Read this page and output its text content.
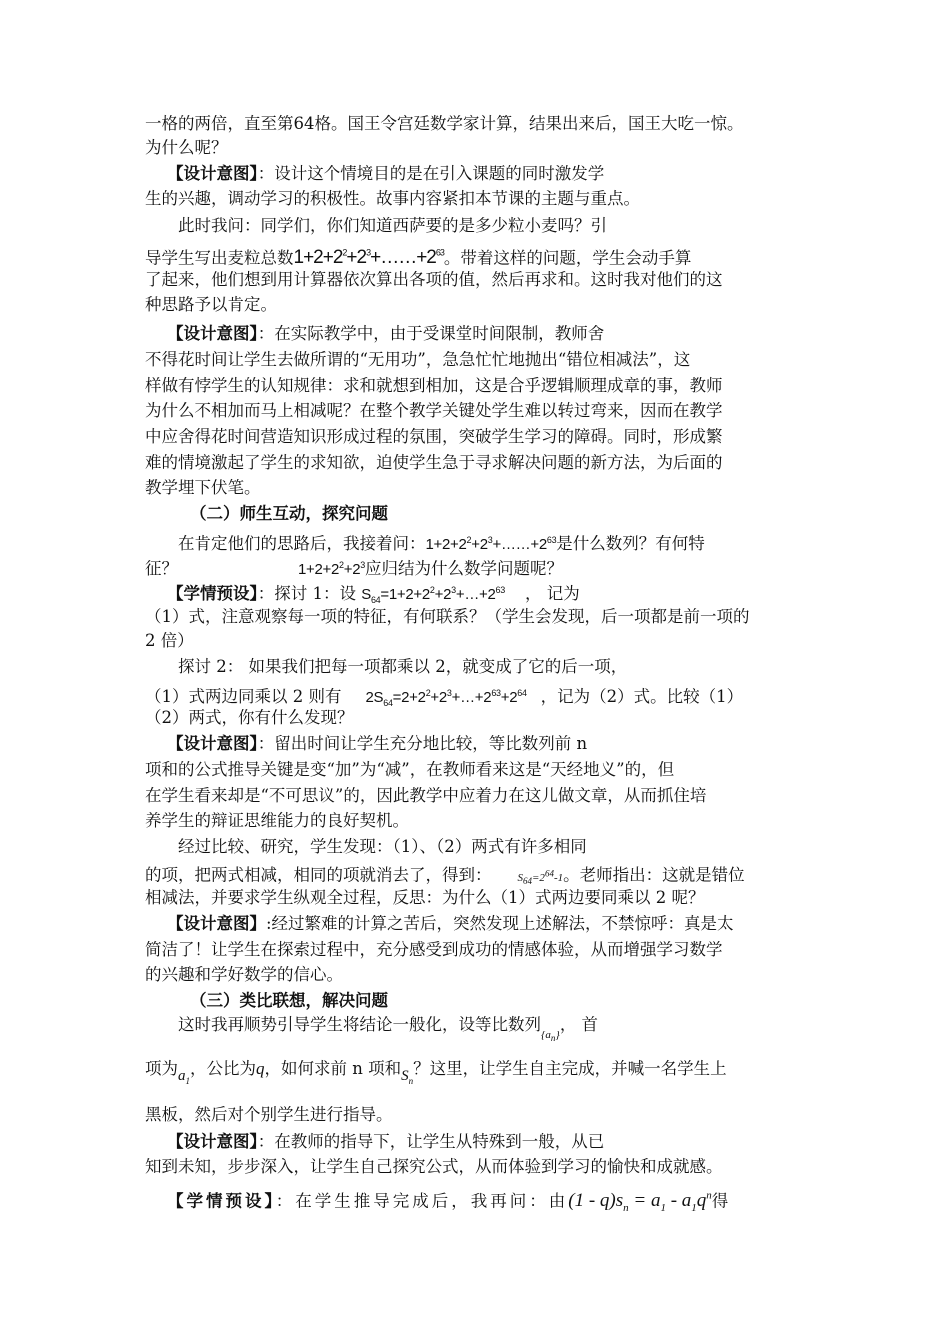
一格的两倍，直至第64格。国王令宫廷数学家计算，结果出来后，国王大吃一惊。
为什么呢？
【设计意图】：设计这个情境目的是在引入课题的同时激发学
生的兴趣，调动学习的积极性。故事内容紧扣本节课的主题与重点。
此时我问：同学们，你们知道西萨要的是多少粒小麦吗？引
导学生写出麦粒总数$1+2+2^2+2^3+\dots\dots+2^{63}$。带着这样的问题，学生会动手算
了起来，他们想到用计算器依次算出各项的值，然后再求和。这时我对他们的这
种思路予以肯定。
【设计意图】：在实际教学中，由于受课堂时间限制，教师舍
不得花时间让学生去做所谓的“无用功”，急急忙忙地抛出“错位相减法”，这
样做有悖学生的认知规律：求和就想到相加，这是合乎逻辑顺理成章的事，教师
为什么不相加而马上相减呢？在整个教学关键处学生难以转过弯来，因而在教学
中应舍得花时间营造知识形成过程的氛围，突破学生学习的障碍。同时，形成繁
难的情境激起了学生的求知欲，迫使学生急于寻求解决问题的新方法，为后面的
教学埋下伏笔。
（二）师生互动，探究问题
在肯定他们的思路后，我接着问：$1+2+2^2+2^3+\dots\dots+2^{63}$是什么数列？有何特
征？	$1+2+2^2+2^3$应归结为什么数学问题呢？
【学情预设】：探讨 1：设 $S_{64}=1+2+2^2+2^3+\dots+2^{63}$ ， 记为
（1）式，注意观察每一项的特征，有何联系？（学生会发现，后一项都是前一项的
2 倍）
探讨 2： 如果我们把每一项都乘以 2，就变成了它的后一项，
（1）式两边同乘以 2 则有 $2S_{64}=2+2^2+2^3+\dots+2^{63}+2^{64}$ ，记为（2）式。比较（1）
（2）两式，你有什么发现？
【设计意图】：留出时间让学生充分地比较，等比数列前 n
项和的公式推导关键是变“加”为“减”，在教师看来这是“天经地义”的，但
在学生看来却是“不可思议”的，因此教学中应着力在这儿做文章，从而抓住培
养学生的辩证思维能力的良好契机。
经过比较、研究，学生发现：（1）、（2）两式有许多相同
的项，把两式相减，相同的项就消去了，得到： $S_{64}=2^{64}-1$。老师指出：这就是错位
相减法，并要求学生纵观全过程，反思：为什么（1）式两边要同乘以 2 呢？
【设计意图】:经过繁难的计算之苦后，突然发现上述解法，不禁惊呼：真是太
简洁了！让学生在探索过程中，充分感受到成功的情感体验，从而增强学习数学
的兴趣和学好数学的信心。
（三）类比联想，解决问题
这时我再顺势引导学生将结论一般化，设等比数列$_{\{a_n\}}$， 首
项为$a_1$，公比为q，如何求前 n 项和$S_n$？这里，让学生自主完成，并喊一名学生上
黑板，然后对个别学生进行指导。
【设计意图】：在教师的指导下，让学生从特殊到一般，从已
知到未知，步步深入，让学生自己探究公式，从而体验到学习的愉快和成就感。
【学情预设】：在学生推导完成后，我再问：由$(1 - q)s_n = a_1 - a_1q^n$得
